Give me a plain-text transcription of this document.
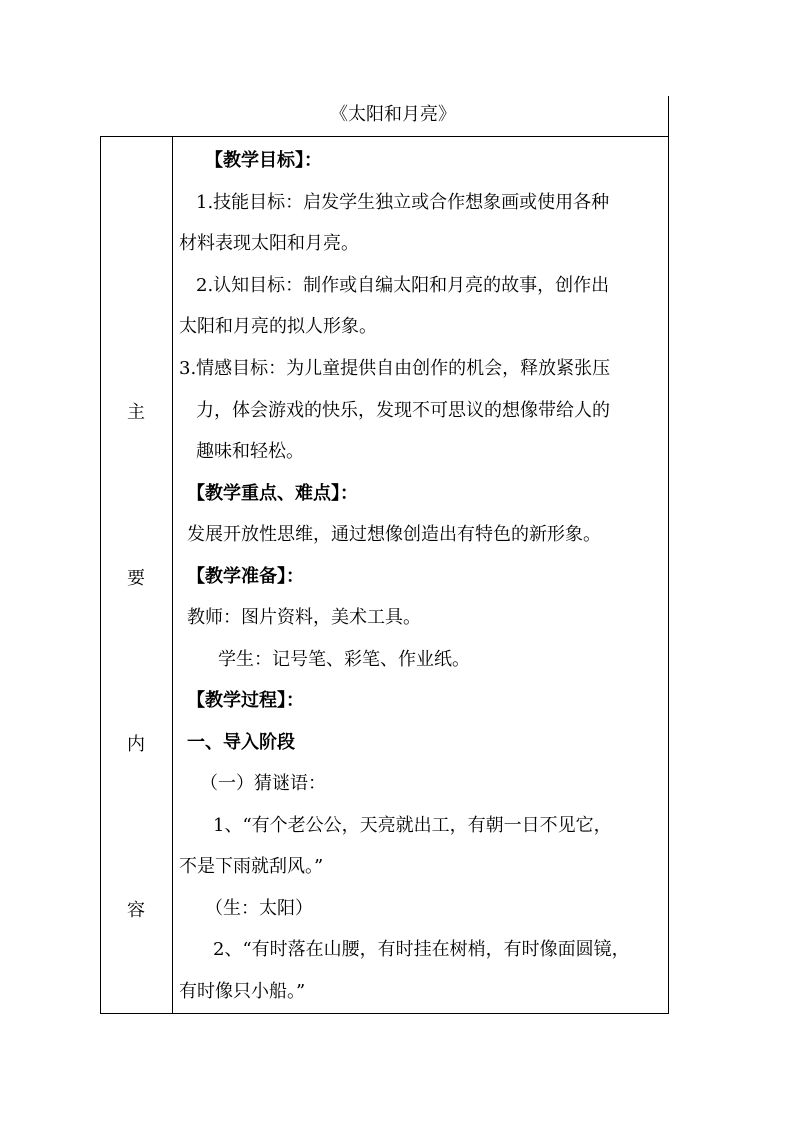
《太阳和月亮》
主
要
内
容
【教学目标】：
1.技能目标：启发学生独立或合作想象画或使用各种
材料表现太阳和月亮。
2.认知目标：制作或自编太阳和月亮的故事，创作出
太阳和月亮的拟人形象。
3.情感目标：为儿童提供自由创作的机会，释放紧张压
力，体会游戏的快乐，发现不可思议的想像带给人的
趣味和轻松。
【教学重点、难点】：
发展开放性思维，通过想像创造出有特色的新形象。
【教学准备】：
教师：图片资料，美术工具。
学生：记号笔、彩笔、作业纸。
【教学过程】：
一、导入阶段
（一）猜谜语：
1、“有个老公公，天亮就出工，有朝一日不见它，
不是下雨就刮风。”
（生：太阳）
2、“有时落在山腰，有时挂在树梢，有时像面圆镜，
有时像只小船。”
